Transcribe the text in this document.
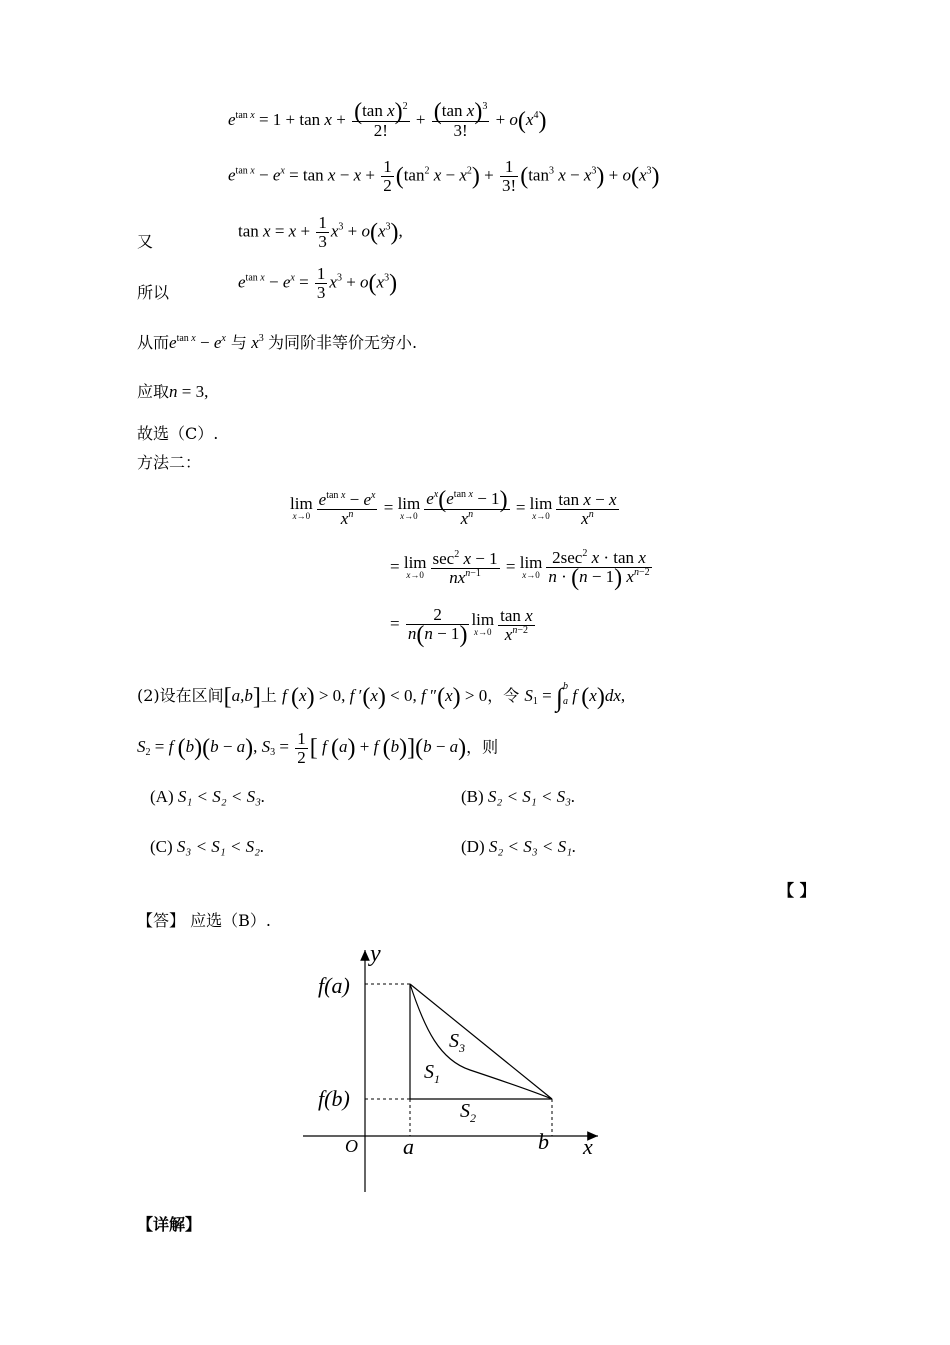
$e^{tan x} = 1 + \tan x + \frac{(\tan x)^2}{2!} + \frac{(\tan x)^3}{3!} + o(x^4)$
$e^{tan x} - e^x = \tan x - x + \frac{1}{2} (\tan^2$ $x - x^2) + \frac{1}{3!} (\tan^3$ $x - x^3) + o(x^3)$
又
$\tan x = x + \frac{1}{3} x^3 + o(x^3)$,
所以
$e^{tan x} - e^x = \frac{1}{3} x^3 + o(x^3)$
从而$e^{tan x} - e^x$ 与 $x^3$ 为同阶非等价无穷小.
应取n = 3,
故选（C）.
方法二：
lim
$x\to 0 \frac{e^{tan x} - e^x}{x^n} = \lim$
$x\to 0 \frac{e^x(e^{tan x} - 1)}{x^n} = \lim$
$x\to 0 \frac{\text{tan x − x}}{x^n}$
= lim
$x\to 0 \frac{\sec^2 x - 1}{nx^{n-1}} = \lim$
$x\to 0 \frac{2\sec^2 x \cdot \tan x}{n \cdot (n - 1) x^{n-2}}$
= $\frac{2}{n(n - 1)}$ lim
$x\to 0 \frac{\text{tan x}}{x^{n-2}}$
(2)设在区间[a,b]上 f (x) > 0, f ′(x) < 0, f ″(x) > 0，令 $S_1 = \int^b_a$ f (x)dx,
$S_2 = f$ (b)(b − a), $S_3 = \frac{1}{2}$ [ f (a) + f (b)](b − a)，则
(A) S₁ < S₂ < S₃.	(B) S₂ < S₁ < S₃.
(C) S₃ < S₁ < S₂.	(D) S₂ < S₃ < S₁.
【 】
【答】 应选（B）.
y
x
O
f(a)
f(b)
a	b
$S_3$
$S_1$
$S_2$
【详解】
